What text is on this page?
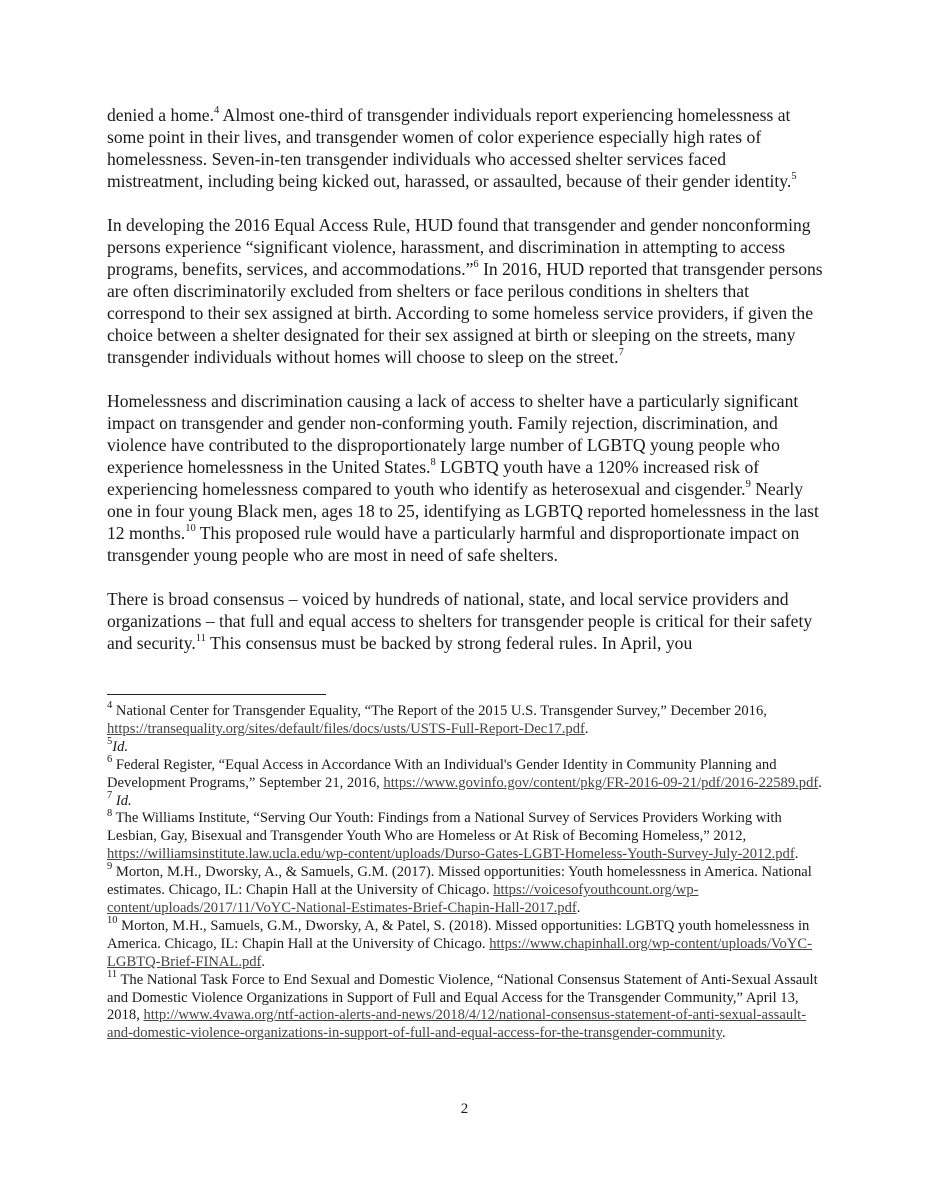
denied a home.$^4$ Almost one-third of transgender individuals report experiencing homelessness at some point in their lives, and transgender women of color experience especially high rates of homelessness. Seven-in-ten transgender individuals who accessed shelter services faced mistreatment, including being kicked out, harassed, or assaulted, because of their gender identity.$^5$

In developing the 2016 Equal Access Rule, HUD found that transgender and gender nonconforming persons experience “significant violence, harassment, and discrimination in attempting to access programs, benefits, services, and accommodations.”$^6$ In 2016, HUD reported that transgender persons are often discriminatorily excluded from shelters or face perilous conditions in shelters that correspond to their sex assigned at birth. According to some homeless service providers, if given the choice between a shelter designated for their sex assigned at birth or sleeping on the streets, many transgender individuals without homes will choose to sleep on the street.$^7$

Homelessness and discrimination causing a lack of access to shelter have a particularly significant impact on transgender and gender non-conforming youth. Family rejection, discrimination, and violence have contributed to the disproportionately large number of LGBTQ young people who experience homelessness in the United States.$^8$ LGBTQ youth have a 120% increased risk of experiencing homelessness compared to youth who identify as heterosexual and cisgender.$^9$ Nearly one in four young Black men, ages 18 to 25, identifying as LGBTQ reported homelessness in the last 12 months.$^{10}$ This proposed rule would have a particularly harmful and disproportionate impact on transgender young people who are most in need of safe shelters.

There is broad consensus – voiced by hundreds of national, state, and local service providers and organizations – that full and equal access to shelters for transgender people is critical for their safety and security.$^{11}$ This consensus must be backed by strong federal rules. In April, you

$^4$ National Center for Transgender Equality, “The Report of the 2015 U.S. Transgender Survey,” December 2016, https://transequality.org/sites/default/files/docs/usts/USTS-Full-Report-Dec17.pdf.

$^5$Id.

$^6$ Federal Register, “Equal Access in Accordance With an Individual's Gender Identity in Community Planning and Development Programs,” September 21, 2016, https://www.govinfo.gov/content/pkg/FR-2016-09-21/pdf/2016-22589.pdf.

$^7$ Id.

$^8$ The Williams Institute, “Serving Our Youth: Findings from a National Survey of Services Providers Working with Lesbian, Gay, Bisexual and Transgender Youth Who are Homeless or At Risk of Becoming Homeless,” 2012, https://williamsinstitute.law.ucla.edu/wp-content/uploads/Durso-Gates-LGBT-Homeless-Youth-Survey-July-2012.pdf.

$^9$ Morton, M.H., Dworsky, A., & Samuels, G.M. (2017). Missed opportunities: Youth homelessness in America. National estimates. Chicago, IL: Chapin Hall at the University of Chicago. https://voicesofyouthcount.org/wp-content/uploads/2017/11/VoYC-National-Estimates-Brief-Chapin-Hall-2017.pdf.

$^{10}$ Morton, M.H., Samuels, G.M., Dworsky, A, & Patel, S. (2018). Missed opportunities: LGBTQ youth homelessness in America. Chicago, IL: Chapin Hall at the University of Chicago. https://www.chapinhall.org/wp-content/uploads/VoYC-LGBTQ-Brief-FINAL.pdf.

$^{11}$ The National Task Force to End Sexual and Domestic Violence, “National Consensus Statement of Anti-Sexual Assault and Domestic Violence Organizations in Support of Full and Equal Access for the Transgender Community,” April 13, 2018, http://www.4vawa.org/ntf-action-alerts-and-news/2018/4/12/national-consensus-statement-of-anti-sexual-assault-and-domestic-violence-organizations-in-support-of-full-and-equal-access-for-the-transgender-community.

2
